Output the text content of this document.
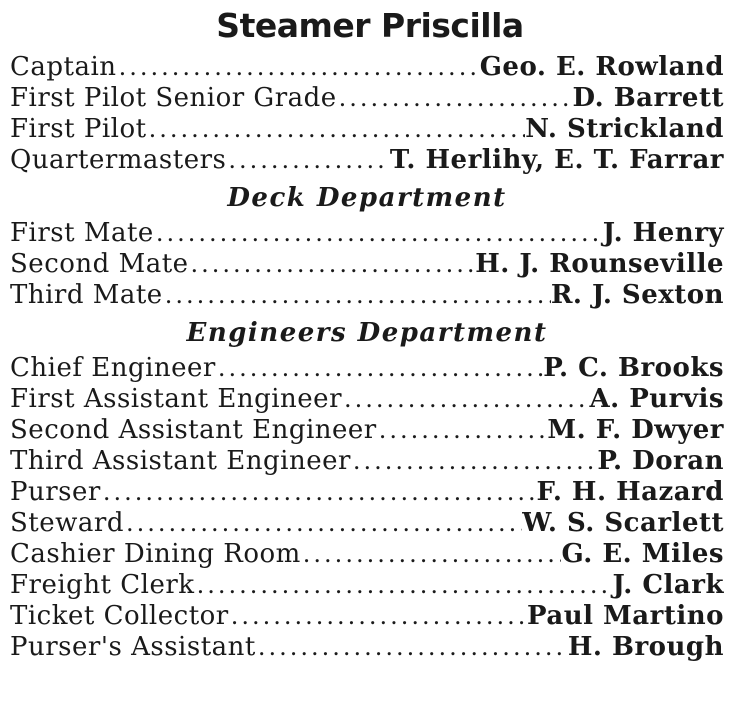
Steamer Priscilla
Captain .....	Geo. E. Rowland
First Pilot Senior Grade .....	D. Barrett
First Pilot .....	N. Strickland
Quartermasters .....	T. Herlihy, E. T. Farrar
Deck Department
First Mate .....	J. Henry
Second Mate .....	H. J. Rounseville
Third Mate .....	R. J. Sexton
Engineers Department
Chief Engineer .....	P. C. Brooks
First Assistant Engineer .....	A. Purvis
Second Assistant Engineer .....	M. F. Dwyer
Third Assistant Engineer .....	P. Doran
Purser .....	F. H. Hazard
Steward .....	W. S. Scarlett
Cashier Dining Room .....	G. E. Miles
Freight Clerk .....	J. Clark
Ticket Collector .....	Paul Martino
Purser's Assistant .....	H. Brough
